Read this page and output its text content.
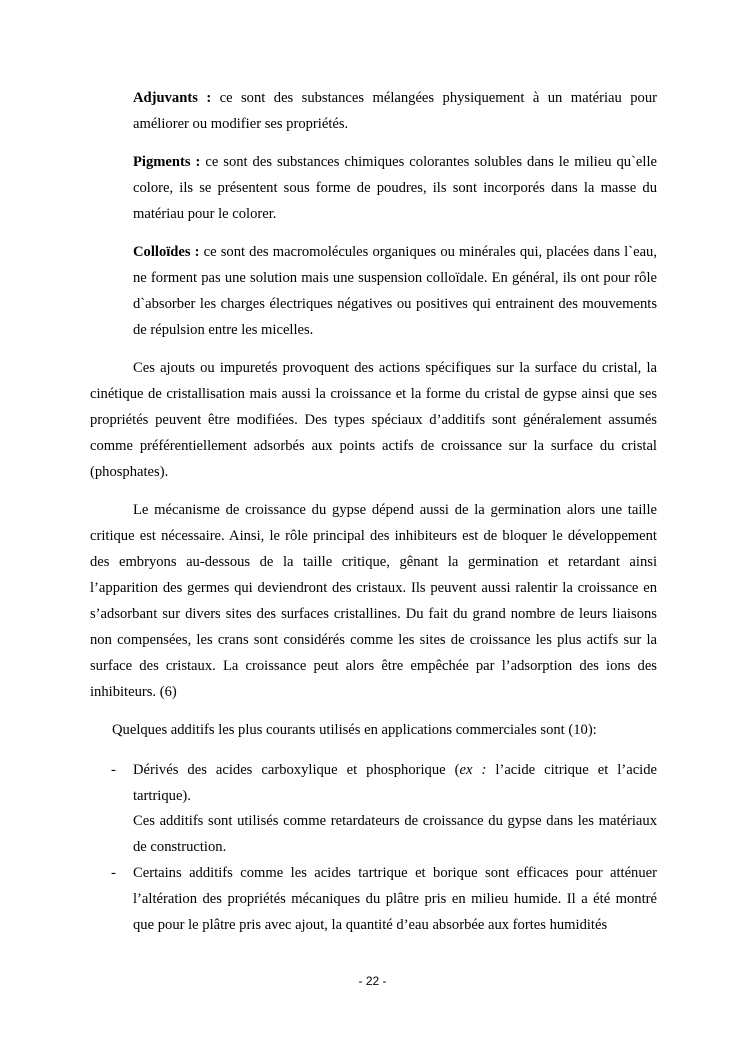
Adjuvants : ce sont des substances mélangées physiquement à un matériau pour améliorer ou modifier ses propriétés.

Pigments : ce sont des substances chimiques colorantes solubles dans le milieu qu`elle colore, ils se présentent sous forme de poudres, ils sont incorporés dans la masse du matériau pour le colorer.

Colloïdes : ce sont des macromolécules organiques ou minérales qui, placées dans l`eau, ne forment pas une solution mais une suspension colloïdale. En général, ils ont pour rôle d`absorber les charges électriques négatives ou positives qui entrainent des mouvements de répulsion entre les micelles.

Ces ajouts ou impuretés provoquent des actions spécifiques sur la surface du cristal, la cinétique de cristallisation mais aussi la croissance et la forme du cristal de gypse ainsi que ses propriétés peuvent être modifiées. Des types spéciaux d’additifs sont généralement assumés comme préférentiellement adsorbés aux points actifs de croissance sur la surface du cristal (phosphates).

Le mécanisme de croissance du gypse dépend aussi de la germination alors une taille critique est nécessaire. Ainsi, le rôle principal des inhibiteurs est de bloquer le développement des embryons au-dessous de la taille critique, gênant la germination et retardant ainsi l’apparition des germes qui deviendront des cristaux. Ils peuvent aussi ralentir la croissance en s’adsorbant sur divers sites des surfaces cristallines. Du fait du grand nombre de leurs liaisons non compensées, les crans sont considérés comme les sites de croissance les plus actifs sur la surface des cristaux. La croissance peut alors être empêchée par l’adsorption des ions des inhibiteurs. (6)

Quelques additifs les plus courants utilisés en applications commerciales sont (10):

- Dérivés des acides carboxylique et phosphorique (ex : l’acide citrique et l’acide tartrique).

Ces additifs sont utilisés comme retardateurs de croissance du gypse dans les matériaux de construction.

- Certains additifs comme les acides tartrique et borique sont efficaces pour atténuer l’altération des propriétés mécaniques du plâtre pris en milieu humide. Il a été montré que pour le plâtre pris avec ajout, la quantité d’eau absorbée aux fortes humidités

- 22 -
